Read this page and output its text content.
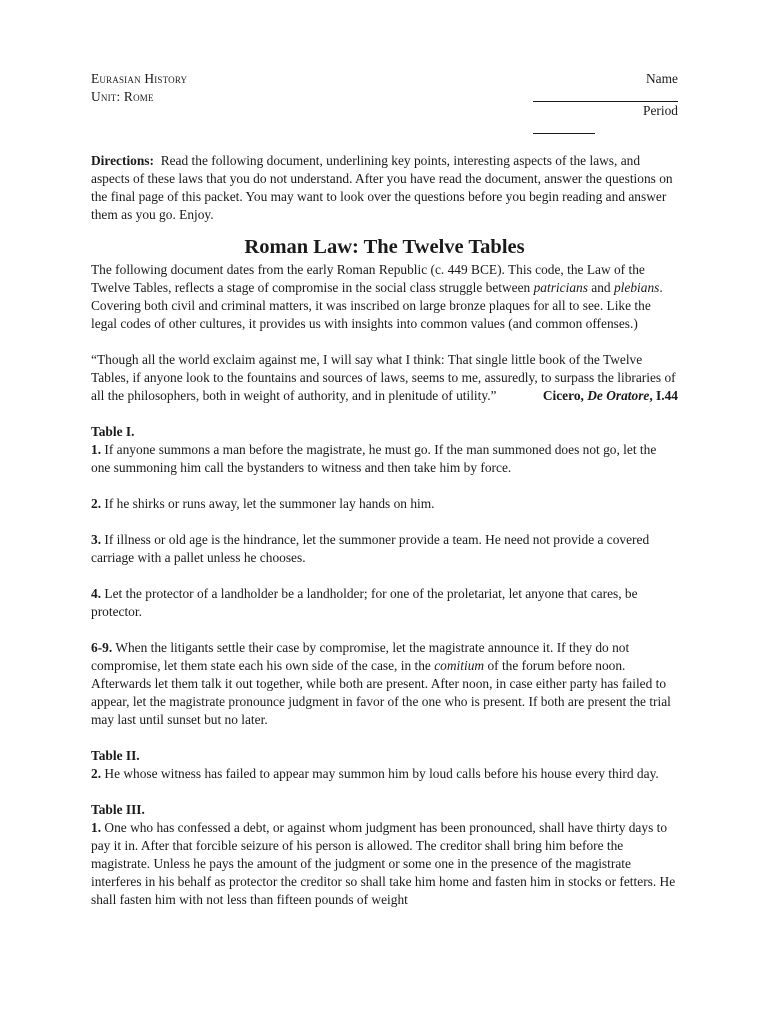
Eurasian History
Unit: Rome
Name
Period

Directions: Read the following document, underlining key points, interesting aspects of the laws, and aspects of these laws that you do not understand. After you have read the document, answer the questions on the final page of this packet. You may want to look over the questions before you begin reading and answer them as you go. Enjoy.

Roman Law: The Twelve Tables

The following document dates from the early Roman Republic (c. 449 BCE). This code, the Law of the Twelve Tables, reflects a stage of compromise in the social class struggle between patricians and plebians. Covering both civil and criminal matters, it was inscribed on large bronze plaques for all to see. Like the legal codes of other cultures, it provides us with insights into common values (and common offenses.)

“Though all the world exclaim against me, I will say what I think: That single little book of the Twelve Tables, if anyone look to the fountains and sources of laws, seems to me, assuredly, to surpass the libraries of all the philosophers, both in weight of authority, and in plenitude of utility.”	Cicero, De Oratore, I.44

Table I.

1. If anyone summons a man before the magistrate, he must go. If the man summoned does not go, let the one summoning him call the bystanders to witness and then take him by force.

2. If he shirks or runs away, let the summoner lay hands on him.

3. If illness or old age is the hindrance, let the summoner provide a team. He need not provide a covered carriage with a pallet unless he chooses.

4. Let the protector of a landholder be a landholder; for one of the proletariat, let anyone that cares, be protector.

6-9. When the litigants settle their case by compromise, let the magistrate announce it. If they do not compromise, let them state each his own side of the case, in the comitium of the forum before noon. Afterwards let them talk it out together, while both are present. After noon, in case either party has failed to appear, let the magistrate pronounce judgment in favor of the one who is present. If both are present the trial may last until sunset but no later.

Table II.

2. He whose witness has failed to appear may summon him by loud calls before his house every third day.

Table III.

1. One who has confessed a debt, or against whom judgment has been pronounced, shall have thirty days to pay it in. After that forcible seizure of his person is allowed. The creditor shall bring him before the magistrate. Unless he pays the amount of the judgment or some one in the presence of the magistrate interferes in his behalf as protector the creditor so shall take him home and fasten him in stocks or fetters. He shall fasten him with not less than fifteen pounds of weight
